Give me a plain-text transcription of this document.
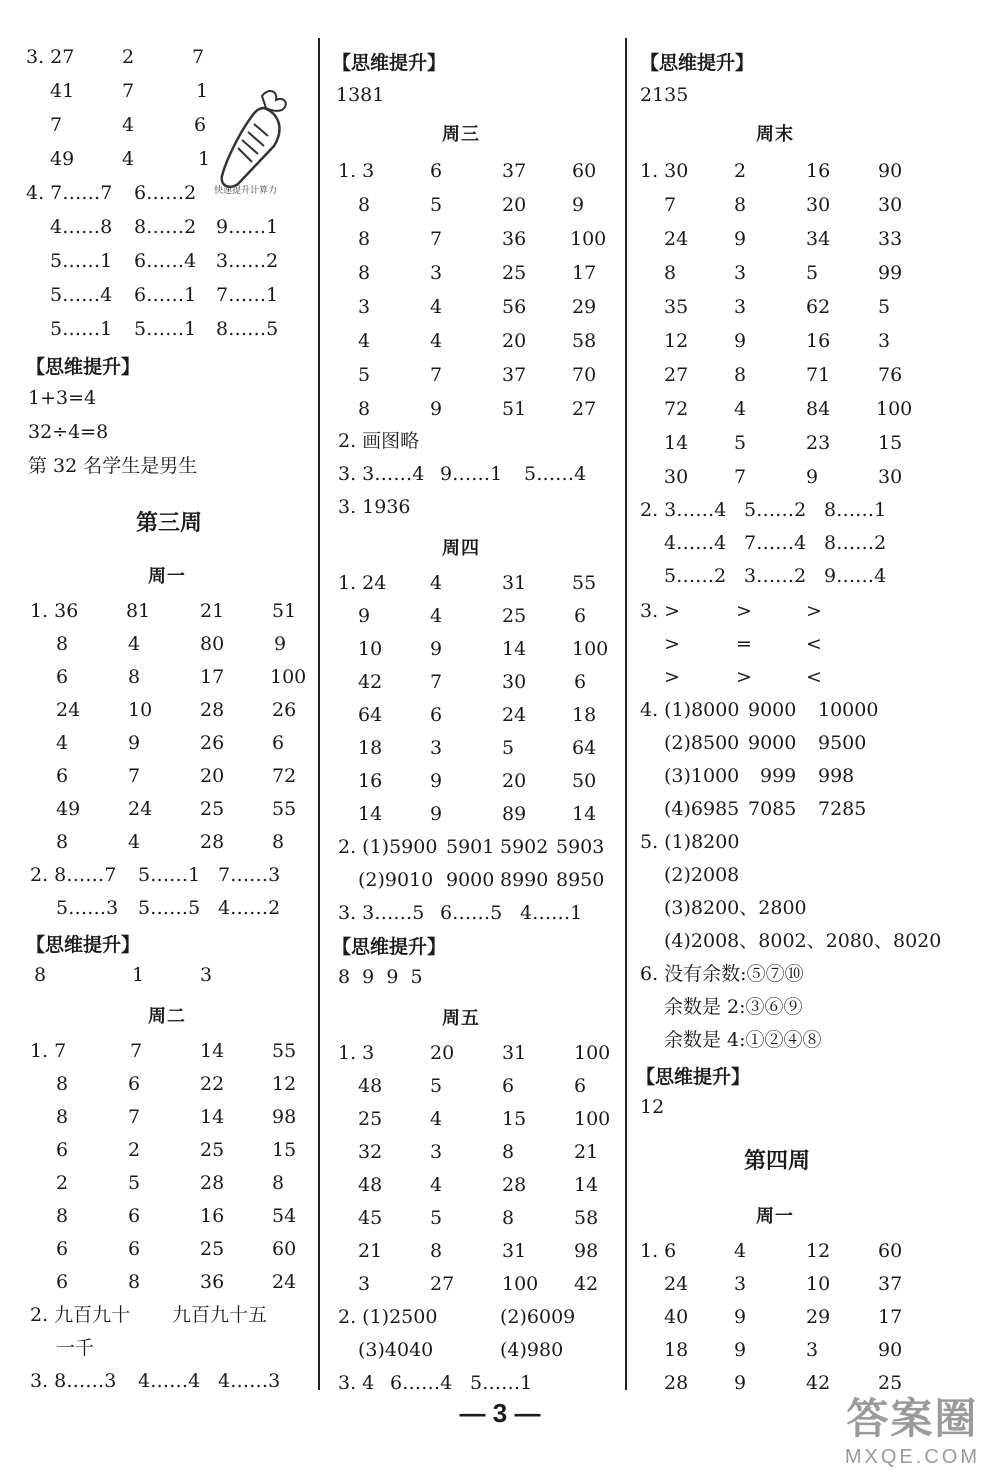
3. 27	2	7
41	7	1
7	4	6
49	4	1
4. 7……7 6……2
4……8 8……2 9……1
5……1 6……4 3……2
5……4 6……1 7……1
5……1 5……1 8……5
【思维提升】
1+3=4
32÷4=8
第 32 名学生是男生
第三周
周一
1. 36	81	21	51
8	4	80	9
6	8	17 100
24	10	28	26
4	9	26	6
6	7	20	72
49	24	25	55
8	4	28	8
2. 8……7 5……1 7……3
5……3 5……5 4……2
【思维提升】
8	1	3
周二
1. 7	7	14	55
8	6	22	12
8	7	14	98
6	2	25	15
2	5	28	8
8	6	16	54
6	6	25	60
6	8	36	24
2. 九百九十 九百九十五
一千
3. 8……3 4……4 4……3
快速提升计算力
【思维提升】
1381
周三
1. 3	6	37 60
8	5	20 9
8	7	36 100
8	3	25 17
3	4	56 29
4	4	20 58
5	7	37 70
8	9	51 27
2. 画图略
3. 3……4 9……1 5……4
3. 1936
周四
1. 24 4	31 55
9	4	25	6
10	9	14 100
42	7	30	6
64	6	24 18
18	3	5	64
16	9	20 50
14	9	89 14
2. (1)5900 5901 5902 5903
(2)9010 9000 8990 8950
3. 3……5 6……5 4……1
【思维提升】
8  9  9  5
周五
1. 3	20	31	100
48	5	6	6
25	4	15	100
32	3	8	21
48	4	28	14
45	5	8	58
21	8	31	98
3	27	100 42
2. (1)2500	(2)6009
(3)4040	(4)980
3. 4 6……4 5……1
【思维提升】
2135
周末
1. 30 2	16	90
7	8	30	30
24 9	34	33
8	3	5	99
35 3	62	5
12 9	16	3
27 8	71	76
72 4	84 100
14 5	23	15
30 7	9	30
2. 3……4 5……2 8……1
4……4 7……4 8……2
5……2 3……2 9……4
3. >	>	>
>	=	<
>	>	<
4. (1)8000 9000 10000
(2)8500 9000 9500
(3)1000 999 998
(4)6985 7085 7285
5. (1)8200
(2)2008
(3)8200、2800
(4)2008、8002、2080、8020
6. 没有余数:⑤⑦⑩
余数是 2:③⑥⑨
余数是 4:①②④⑧
【思维提升】
12
第四周
周一
1. 6	4	12	60
24 3	10	37
40 9	29	17
18 9	3	90
28 9	42	25
— 3 —	答案圈
MXQE.COM
